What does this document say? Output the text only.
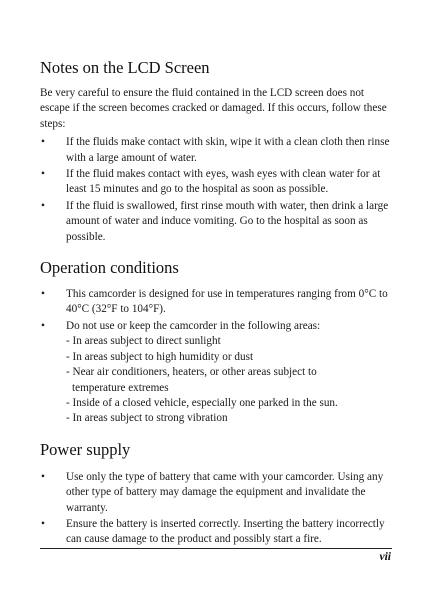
Notes on the LCD Screen

Be very careful to ensure the fluid contained in the LCD screen does not escape if the screen becomes cracked or damaged. If this occurs, follow these steps:

• If the fluids make contact with skin, wipe it with a clean cloth then rinse with a large amount of water.
• If the fluid makes contact with eyes, wash eyes with clean water for at least 15 minutes and go to the hospital as soon as possible.
• If the fluid is swallowed, first rinse mouth with water, then drink a large amount of water and induce vomiting. Go to the hospital as soon as possible.
Operation conditions
• This camcorder is designed for use in temperatures ranging from 0°C to 40°C (32°F to 104°F).
• Do not use or keep the camcorder in the following areas:
- In areas subject to direct sunlight
- In areas subject to high humidity or dust
- Near air conditioners, heaters, or other areas subject to
temperature extremes
- Inside of a closed vehicle, especially one parked in the sun.
- In areas subject to strong vibration
Power supply
• Use only the type of battery that came with your camcorder. Using any other type of battery may damage the equipment and invalidate the warranty.
• Ensure the battery is inserted correctly. Inserting the battery incorrectly can cause damage to the product and possibly start a fire.
vii
